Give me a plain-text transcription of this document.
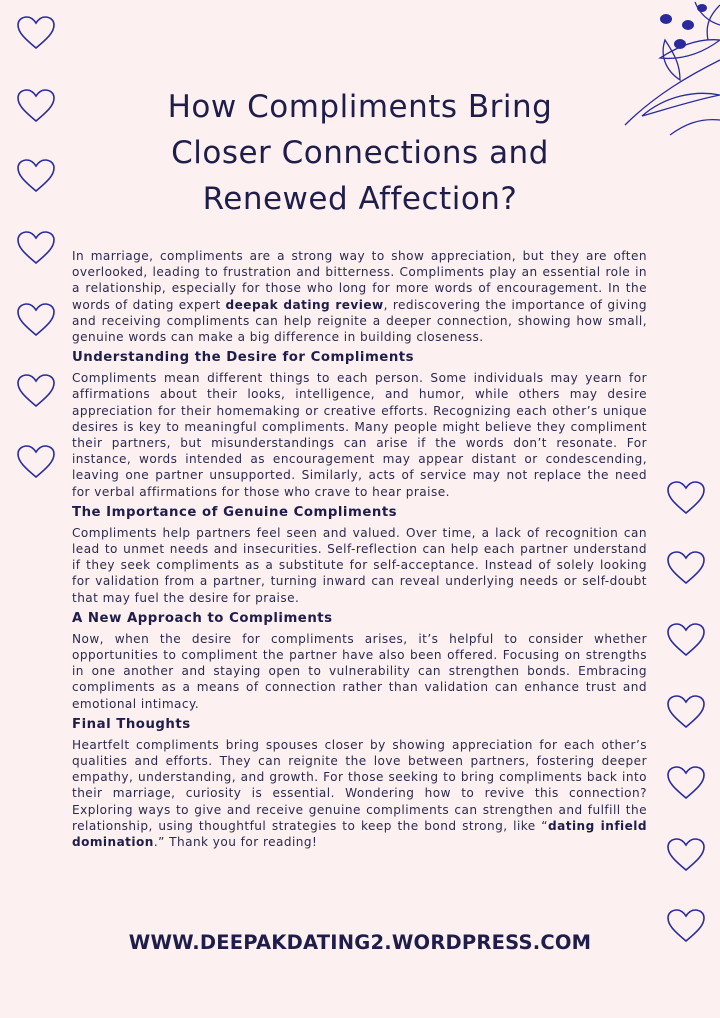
How Compliments Bring
Closer Connections and
Renewed Affection?

In marriage, compliments are a strong way to show appreciation, but they are often overlooked, leading to frustration and bitterness. Compliments play an essential role in a relationship, especially for those who long for more words of encouragement. In the words of dating expert deepak dating review, rediscovering the importance of giving and receiving compliments can help reignite a deeper connection, showing how small, genuine words can make a big difference in building closeness.

Understanding the Desire for Compliments

Compliments mean different things to each person. Some individuals may yearn for affirmations about their looks, intelligence, and humor, while others may desire appreciation for their homemaking or creative efforts. Recognizing each other’s unique desires is key to meaningful compliments. Many people might believe they compliment their partners, but misunderstandings can arise if the words don’t resonate. For instance, words intended as encouragement may appear distant or condescending, leaving one partner unsupported. Similarly, acts of service may not replace the need for verbal affirmations for those who crave to hear praise.

The Importance of Genuine Compliments

Compliments help partners feel seen and valued. Over time, a lack of recognition can lead to unmet needs and insecurities. Self-reflection can help each partner understand if they seek compliments as a substitute for self-acceptance. Instead of solely looking for validation from a partner, turning inward can reveal underlying needs or self-doubt that may fuel the desire for praise.

A New Approach to Compliments

Now, when the desire for compliments arises, it’s helpful to consider whether opportunities to compliment the partner have also been offered. Focusing on strengths in one another and staying open to vulnerability can strengthen bonds. Embracing compliments as a means of connection rather than validation can enhance trust and emotional intimacy.

Final Thoughts

Heartfelt compliments bring spouses closer by showing appreciation for each other’s qualities and efforts. They can reignite the love between partners, fostering deeper empathy, understanding, and growth. For those seeking to bring compliments back into their marriage, curiosity is essential. Wondering how to revive this connection? Exploring ways to give and receive genuine compliments can strengthen and fulfill the relationship, using thoughtful strategies to keep the bond strong, like “dating infield domination.” Thank you for reading!

WWW.DEEPAKDATING2.WORDPRESS.COM
